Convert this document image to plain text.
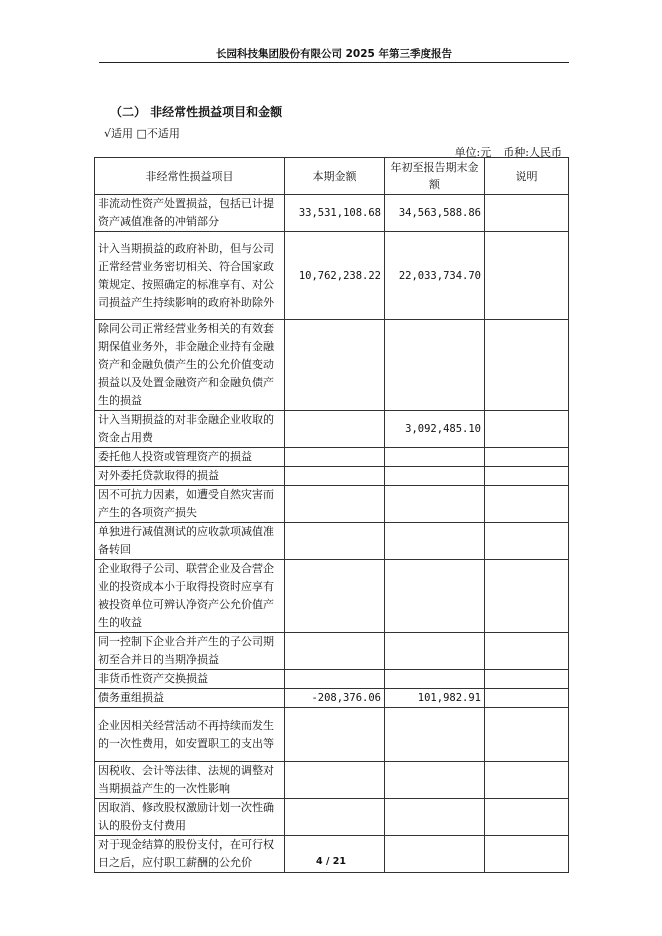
长园科技集团股份有限公司 2025 年第三季度报告
（二） 非经常性损益项目和金额
√适用 □不适用
单位:元 币种:人民币
非经常性损益项目	本期金额	年初至报告期末金额	说明
非流动性资产处置损益，包括已计提资产减值准备的冲销部分	33,531,108.68	34,563,588.86	
计入当期损益的政府补助，但与公司正常经营业务密切相关、符合国家政策规定、按照确定的标准享有、对公司损益产生持续影响的政府补助除外	10,762,238.22	22,033,734.70	
除同公司正常经营业务相关的有效套期保值业务外，非金融企业持有金融资产和金融负债产生的公允价值变动损益以及处置金融资产和金融负债产生的损益			
计入当期损益的对非金融企业收取的资金占用费		3,092,485.10	
委托他人投资或管理资产的损益			
对外委托贷款取得的损益			
因不可抗力因素，如遭受自然灾害而产生的各项资产损失			
单独进行减值测试的应收款项减值准备转回			
企业取得子公司、联营企业及合营企业的投资成本小于取得投资时应享有被投资单位可辨认净资产公允价值产生的收益			
同一控制下企业合并产生的子公司期初至合并日的当期净损益			
非货币性资产交换损益			
债务重组损益	-208,376.06	101,982.91	
企业因相关经营活动不再持续而发生的一次性费用，如安置职工的支出等			
因税收、会计等法律、法规的调整对当期损益产生的一次性影响			
因取消、修改股权激励计划一次性确认的股份支付费用			
对于现金结算的股份支付，在可行权日之后，应付职工薪酬的公允价				4 / 21
